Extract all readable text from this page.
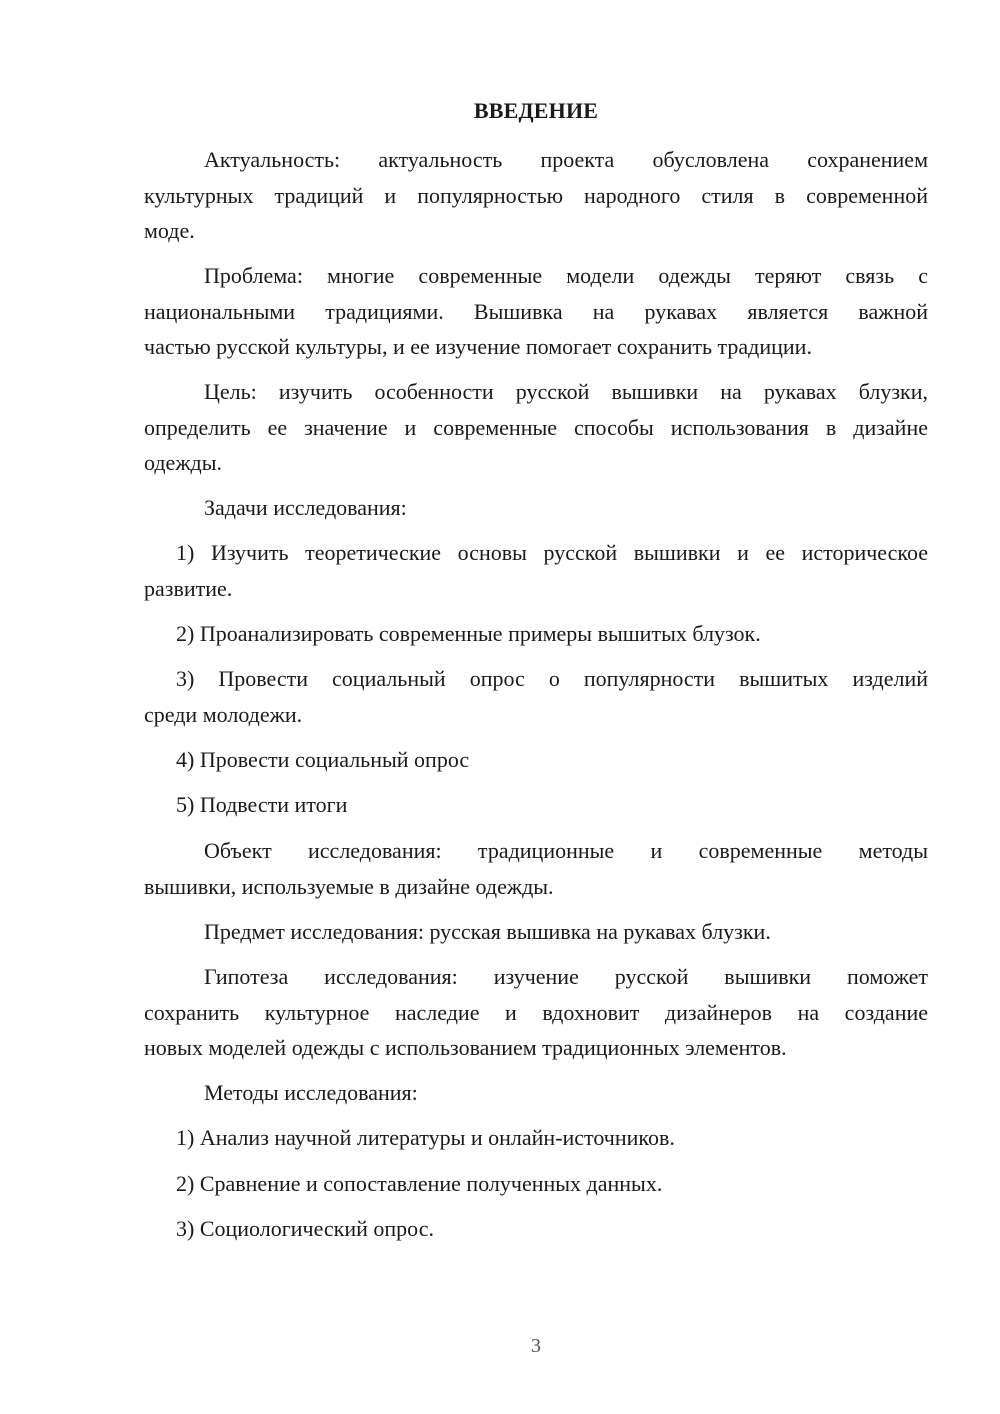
ВВЕДЕНИЕ
Актуальность: актуальность проекта обусловлена сохранением
культурных традиций и популярностью народного стиля в современной
моде.
Проблема: многие современные модели одежды теряют связь с
национальными традициями. Вышивка на рукавах является важной
частью русской культуры, и ее изучение помогает сохранить традиции.
Цель: изучить особенности русской вышивки на рукавах блузки,
определить ее значение и современные способы использования в дизайне
одежды.
Задачи исследования:
1) Изучить теоретические основы русской вышивки и ее историческое
развитие.
2) Проанализировать современные примеры вышитых блузок.
3) Провести социальный опрос о популярности вышитых изделий
среди молодежи.
4) Провести социальный опрос
5) Подвести итоги
Объект исследования: традиционные и современные методы
вышивки, используемые в дизайне одежды.
Предмет исследования: русская вышивка на рукавах блузки.
Гипотеза исследования: изучение русской вышивки поможет
сохранить культурное наследие и вдохновит дизайнеров на создание
новых моделей одежды с использованием традиционных элементов.
Методы исследования:
1) Анализ научной литературы и онлайн-источников.
2) Сравнение и сопоставление полученных данных.
3) Социологический опрос.
3
